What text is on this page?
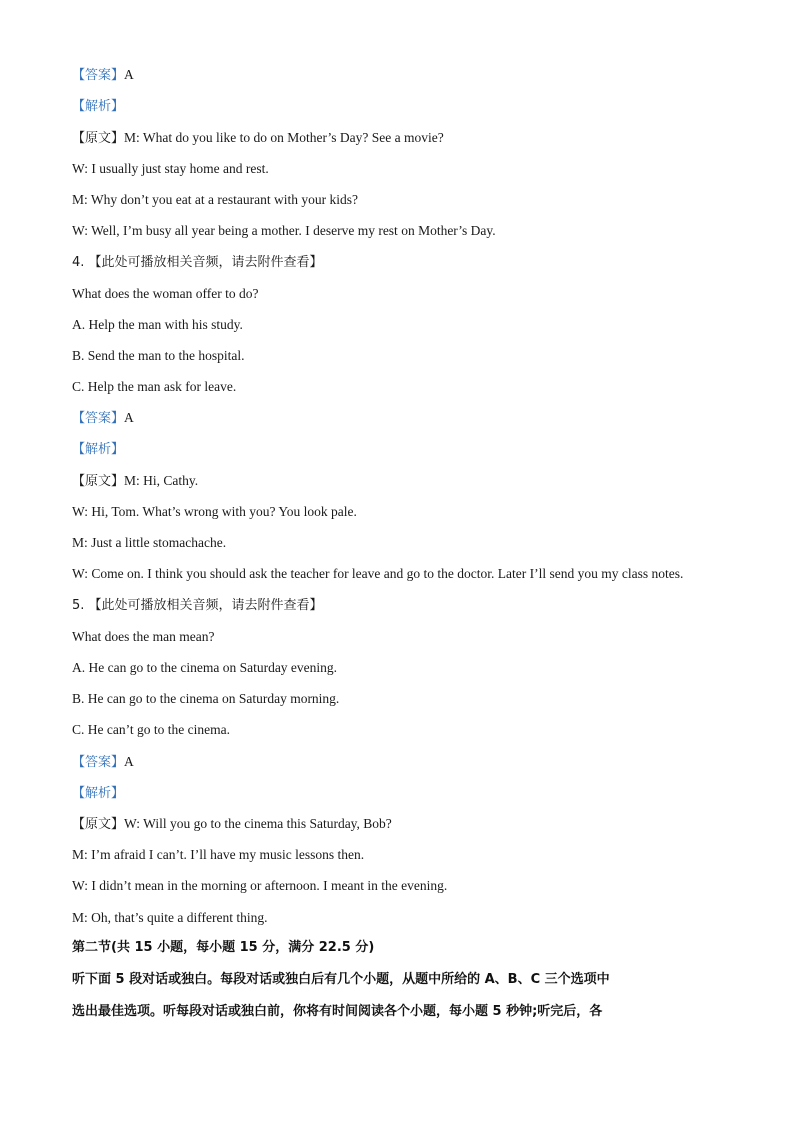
【答案】A
【解析】
【原文】M: What do you like to do on Mother’s Day? See a movie?
W: I usually just stay home and rest.
M: Why don’t you eat at a restaurant with your kids?
W: Well, I’m busy all year being a mother. I deserve my rest on Mother’s Day.
4. 【此处可播放相关音频，请去附件查看】
What does the woman offer to do?
A. Help the man with his study.
B. Send the man to the hospital.
C. Help the man ask for leave.
【答案】A
【解析】
【原文】M: Hi, Cathy.
W: Hi, Tom. What’s wrong with you? You look pale.
M: Just a little stomachache.
W: Come on. I think you should ask the teacher for leave and go to the doctor. Later I’ll send you my class notes.
5. 【此处可播放相关音频，请去附件查看】
What does the man mean?
A. He can go to the cinema on Saturday evening.
B. He can go to the cinema on Saturday morning.
C. He can’t go to the cinema.
【答案】A
【解析】
【原文】W: Will you go to the cinema this Saturday, Bob?
M: I’m afraid I can’t. I’ll have my music lessons then.
W: I didn’t mean in the morning or afternoon. I meant in the evening.
M: Oh, that’s quite a different thing.
第二节(共 15 小题，每小题 15 分，满分 22.5 分)
听下面 5 段对话或独白。每段对话或独白后有几个小题，从题中所给的 A、B、C 三个选项中
选出最佳选项。听每段对话或独白前，你将有时间阅读各个小题，每小题 5 秒钟;听完后，各
